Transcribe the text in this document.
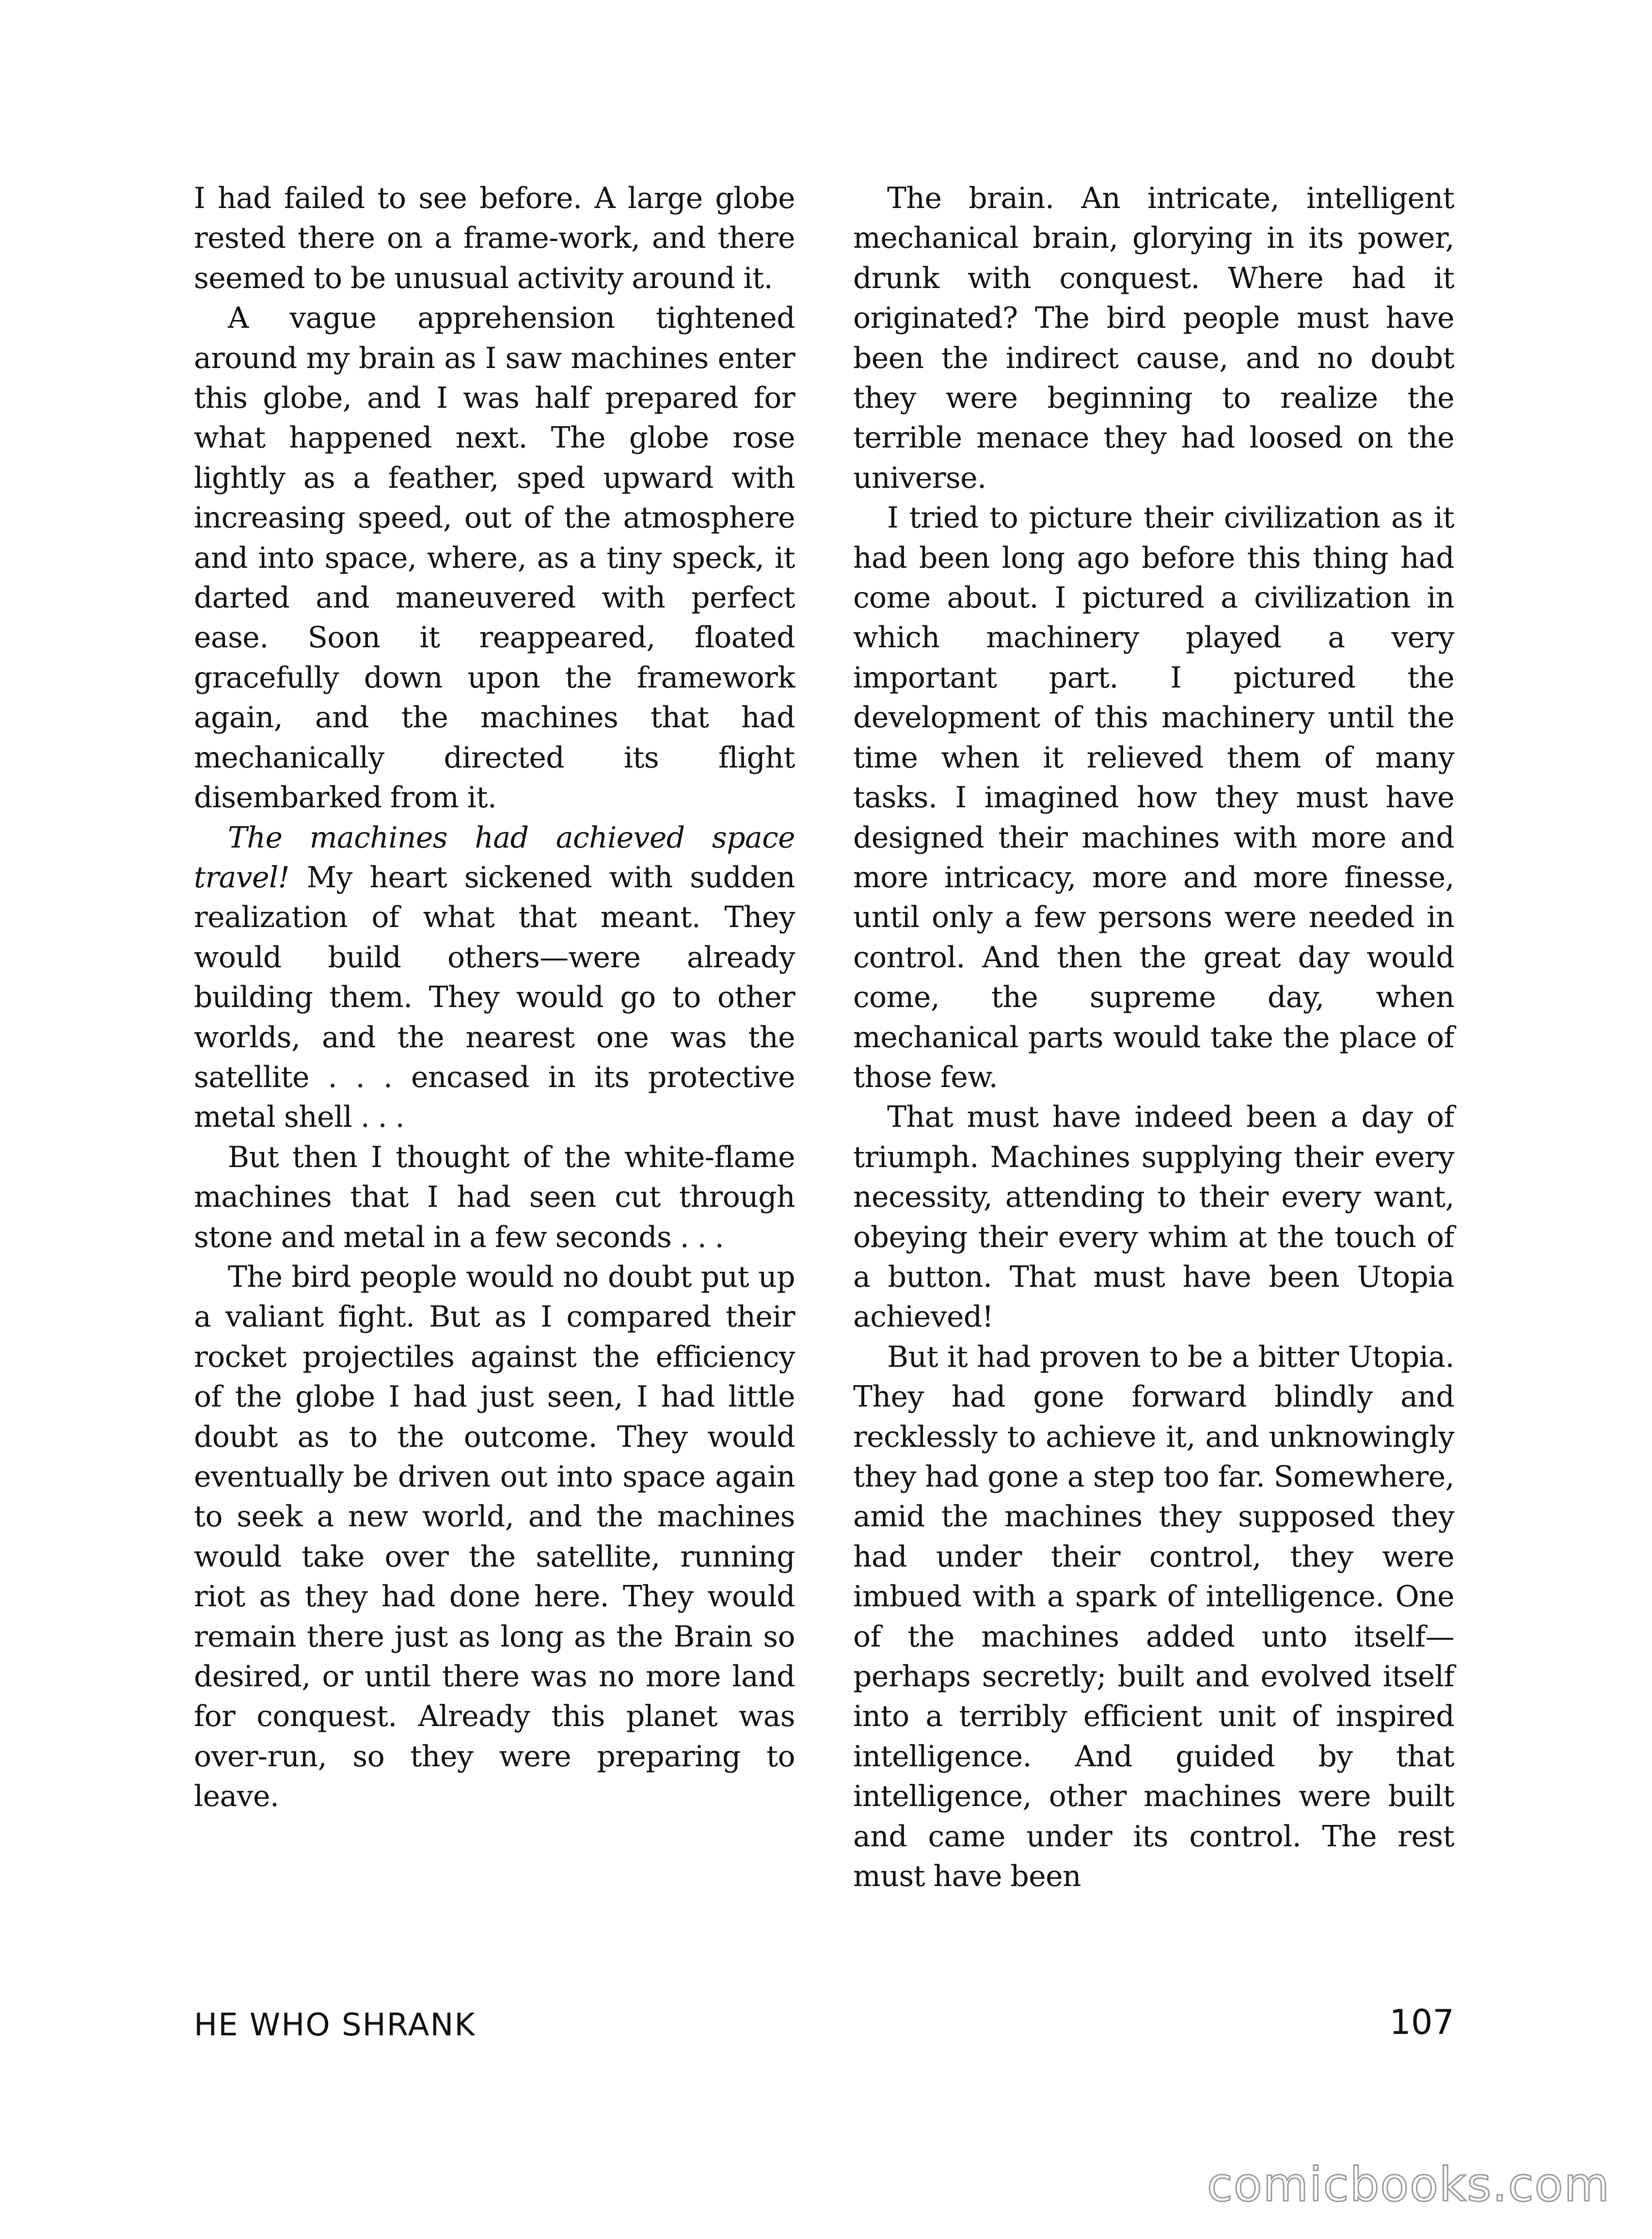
I had failed to see before. A large globe rested there on a frame-work, and there seemed to be unusual activity around it.

A vague apprehension tightened around my brain as I saw machines enter this globe, and I was half prepared for what happened next. The globe rose lightly as a feather, sped upward with increasing speed, out of the atmosphere and into space, where, as a tiny speck, it darted and maneuvered with perfect ease. Soon it reappeared, floated gracefully down upon the framework again, and the machines that had mechanically directed its flight disembarked from it.

The machines had achieved space travel! My heart sickened with sudden realization of what that meant. They would build others—were already building them. They would go to other worlds, and the nearest one was the satellite . . . encased in its protective metal shell . . .

But then I thought of the white-flame machines that I had seen cut through stone and metal in a few seconds . . .

The bird people would no doubt put up a valiant fight. But as I compared their rocket projectiles against the efficiency of the globe I had just seen, I had little doubt as to the outcome. They would eventually be driven out into space again to seek a new world, and the machines would take over the satellite, running riot as they had done here. They would remain there just as long as the Brain so desired, or until there was no more land for conquest. Already this planet was over-run, so they were preparing to leave.

The brain. An intricate, intelligent mechanical brain, glorying in its power, drunk with conquest. Where had it originated? The bird people must have been the indirect cause, and no doubt they were beginning to realize the terrible menace they had loosed on the universe.

I tried to picture their civilization as it had been long ago before this thing had come about. I pictured a civilization in which machinery played a very important part. I pictured the development of this machinery until the time when it relieved them of many tasks. I imagined how they must have designed their machines with more and more intricacy, more and more finesse, until only a few persons were needed in control. And then the great day would come, the supreme day, when mechanical parts would take the place of those few.

That must have indeed been a day of triumph. Machines supplying their every necessity, attending to their every want, obeying their every whim at the touch of a button. That must have been Utopia achieved!

But it had proven to be a bitter Utopia. They had gone forward blindly and recklessly to achieve it, and unknowingly they had gone a step too far. Somewhere, amid the machines they supposed they had under their control, they were imbued with a spark of intelligence. One of the machines added unto itself—perhaps secretly; built and evolved itself into a terribly efficient unit of inspired intelligence. And guided by that intelligence, other machines were built and came under its control. The rest must have been

HE WHO SHRANK	107
comicbooks.com
